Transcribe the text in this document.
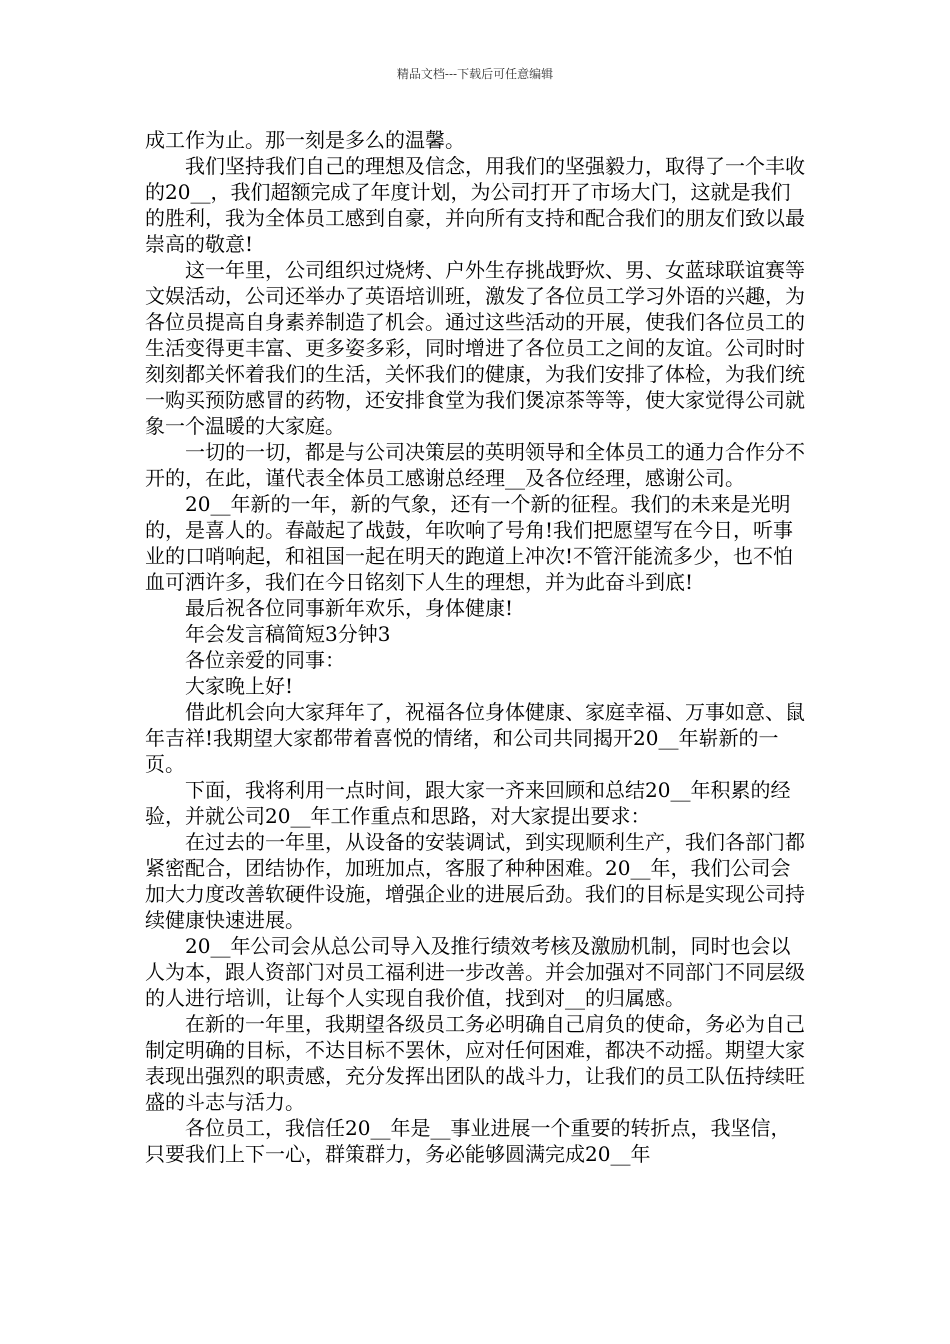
精品文档---下载后可任意编辑

成工作为止。那一刻是多么的温馨。

我们坚持我们自己的理想及信念，用我们的坚强毅力，取得了一个丰收的20__，我们超额完成了年度计划，为公司打开了市场大门，这就是我们的胜利，我为全体员工感到自豪，并向所有支持和配合我们的朋友们致以最崇高的敬意!

这一年里，公司组织过烧烤、户外生存挑战野炊、男、女蓝球联谊赛等文娱活动，公司还举办了英语培训班，激发了各位员工学习外语的兴趣，为各位员提高自身素养制造了机会。通过这些活动的开展，使我们各位员工的生活变得更丰富、更多姿多彩，同时增进了各位员工之间的友谊。公司时时刻刻都关怀着我们的生活，关怀我们的健康，为我们安排了体检，为我们统一购买预防感冒的药物，还安排食堂为我们煲凉茶等等，使大家觉得公司就象一个温暖的大家庭。

一切的一切，都是与公司决策层的英明领导和全体员工的通力合作分不开的，在此，谨代表全体员工感谢总经理__及各位经理，感谢公司。

20__年新的一年，新的气象，还有一个新的征程。我们的未来是光明的，是喜人的。春敲起了战鼓，年吹响了号角!我们把愿望写在今日，听事业的口哨响起，和祖国一起在明天的跑道上冲次!不管汗能流多少，也不怕血可洒许多，我们在今日铭刻下人生的理想，并为此奋斗到底!

最后祝各位同事新年欢乐，身体健康!

年会发言稿简短3分钟3

各位亲爱的同事：

大家晚上好!

借此机会向大家拜年了，祝福各位身体健康、家庭幸福、万事如意、鼠年吉祥!我期望大家都带着喜悦的情绪，和公司共同揭开20__年崭新的一页。

下面，我将利用一点时间，跟大家一齐来回顾和总结20__年积累的经验，并就公司20__年工作重点和思路，对大家提出要求：

在过去的一年里，从设备的安装调试，到实现顺利生产，我们各部门都紧密配合，团结协作，加班加点，客服了种种困难。20__年，我们公司会加大力度改善软硬件设施，增强企业的进展后劲。我们的目标是实现公司持续健康快速进展。

20__年公司会从总公司导入及推行绩效考核及激励机制，同时也会以人为本，跟人资部门对员工福利进一步改善。并会加强对不同部门不同层级的人进行培训，让每个人实现自我价值，找到对__的归属感。

在新的一年里，我期望各级员工务必明确自己肩负的使命，务必为自己制定明确的目标，不达目标不罢休，应对任何困难，都决不动摇。期望大家表现出强烈的职责感，充分发挥出团队的战斗力，让我们的员工队伍持续旺盛的斗志与活力。

各位员工，我信任20__年是__事业进展一个重要的转折点，我坚信，只要我们上下一心，群策群力，务必能够圆满完成20__年
